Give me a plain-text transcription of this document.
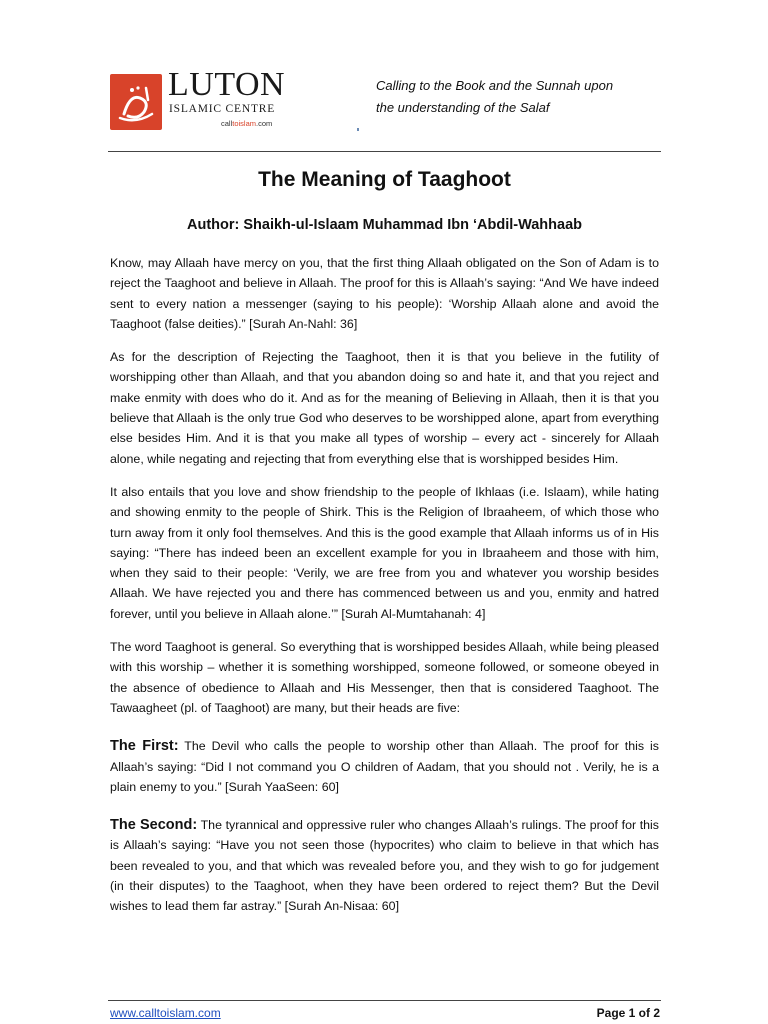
LUTON
ISLAMIC CENTRE
calltoislam.com
Calling to the Book and the Sunnah upon
the understanding of the Salaf
The Meaning of Taaghoot
Author: Shaikh-ul-Islaam Muhammad Ibn ‘Abdil-Wahhaab

Know, may Allaah have mercy on you, that the first thing Allaah obligated on the Son of Adam is to reject the Taaghoot and believe in Allaah. The proof for this is Allaah’s saying: “And We have indeed sent to every nation a messenger (saying to his people): ‘Worship Allaah alone and avoid the Taaghoot (false deities).” [Surah An-Nahl: 36]

As for the description of Rejecting the Taaghoot, then it is that you believe in the futility of worshipping other than Allaah, and that you abandon doing so and hate it, and that you reject and make enmity with does who do it. And as for the meaning of Believing in Allaah, then it is that you believe that Allaah is the only true God who deserves to be worshipped alone, apart from everything else besides Him. And it is that you make all types of worship – every act - sincerely for Allaah alone, while negating and rejecting that from everything else that is worshipped besides Him.

It also entails that you love and show friendship to the people of Ikhlaas (i.e. Islaam), while hating and showing enmity to the people of Shirk. This is the Religion of Ibraaheem, of which those who turn away from it only fool themselves. And this is the good example that Allaah informs us of in His saying: “There has indeed been an excellent example for you in Ibraaheem and those with him, when they said to their people: ‘Verily, we are free from you and whatever you worship besides Allaah. We have rejected you and there has commenced between us and you, enmity and hatred forever, until you believe in Allaah alone.’” [Surah Al-Mumtahanah: 4]

The word Taaghoot is general. So everything that is worshipped besides Allaah, while being pleased with this worship – whether it is something worshipped, someone followed, or someone obeyed in the absence of obedience to Allaah and His Messenger, then that is considered Taaghoot. The Tawaagheet (pl. of Taaghoot) are many, but their heads are five:

The First: The Devil who calls the people to worship other than Allaah. The proof for this is Allaah’s saying: “Did I not command you O children of Aadam, that you should not . Verily, he is a plain enemy to you.” [Surah YaaSeen: 60]

The Second: The tyrannical and oppressive ruler who changes Allaah’s rulings. The proof for this is Allaah’s saying: “Have you not seen those (hypocrites) who claim to believe in that which has been revealed to you, and that which was revealed before you, and they wish to go for judgement (in their disputes) to the Taaghoot, when they have been ordered to reject them? But the Devil wishes to lead them far astray.” [Surah An-Nisaa: 60]

www.calltoislam.com	Page 1 of 2
